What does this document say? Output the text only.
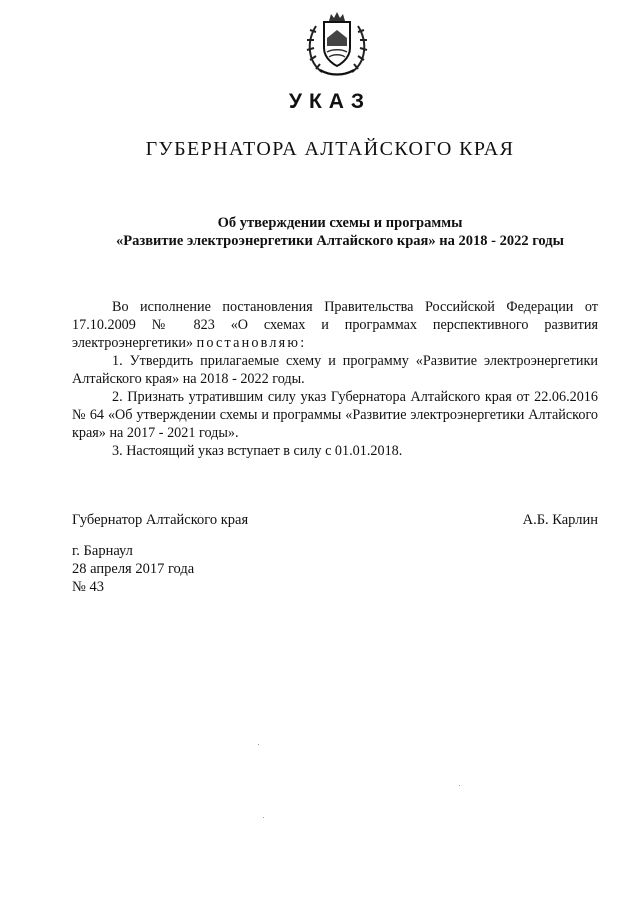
УКАЗ
ГУБЕРНАТОРА АЛТАЙСКОГО КРАЯ
Об утверждении схемы и программы
«Развитие электроэнергетики Алтайского края» на 2018 - 2022 годы

Во исполнение постановления Правительства Российской Федерации от 17.10.2009 № 823 «О схемах и программах перспективного развития электроэнергетики» постановляю:

1. Утвердить прилагаемые схему и программу «Развитие электроэнергетики Алтайского края» на 2018 - 2022 годы.

2. Признать утратившим силу указ Губернатора Алтайского края от 22.06.2016 № 64 «Об утверждении схемы и программы «Развитие электроэнергетики Алтайского края» на 2017 - 2021 годы».

3. Настоящий указ вступает в силу с 01.01.2018.

Губернатор Алтайского края	А.Б. Карлин
г. Барнаул
28 апреля 2017 года
№ 43
